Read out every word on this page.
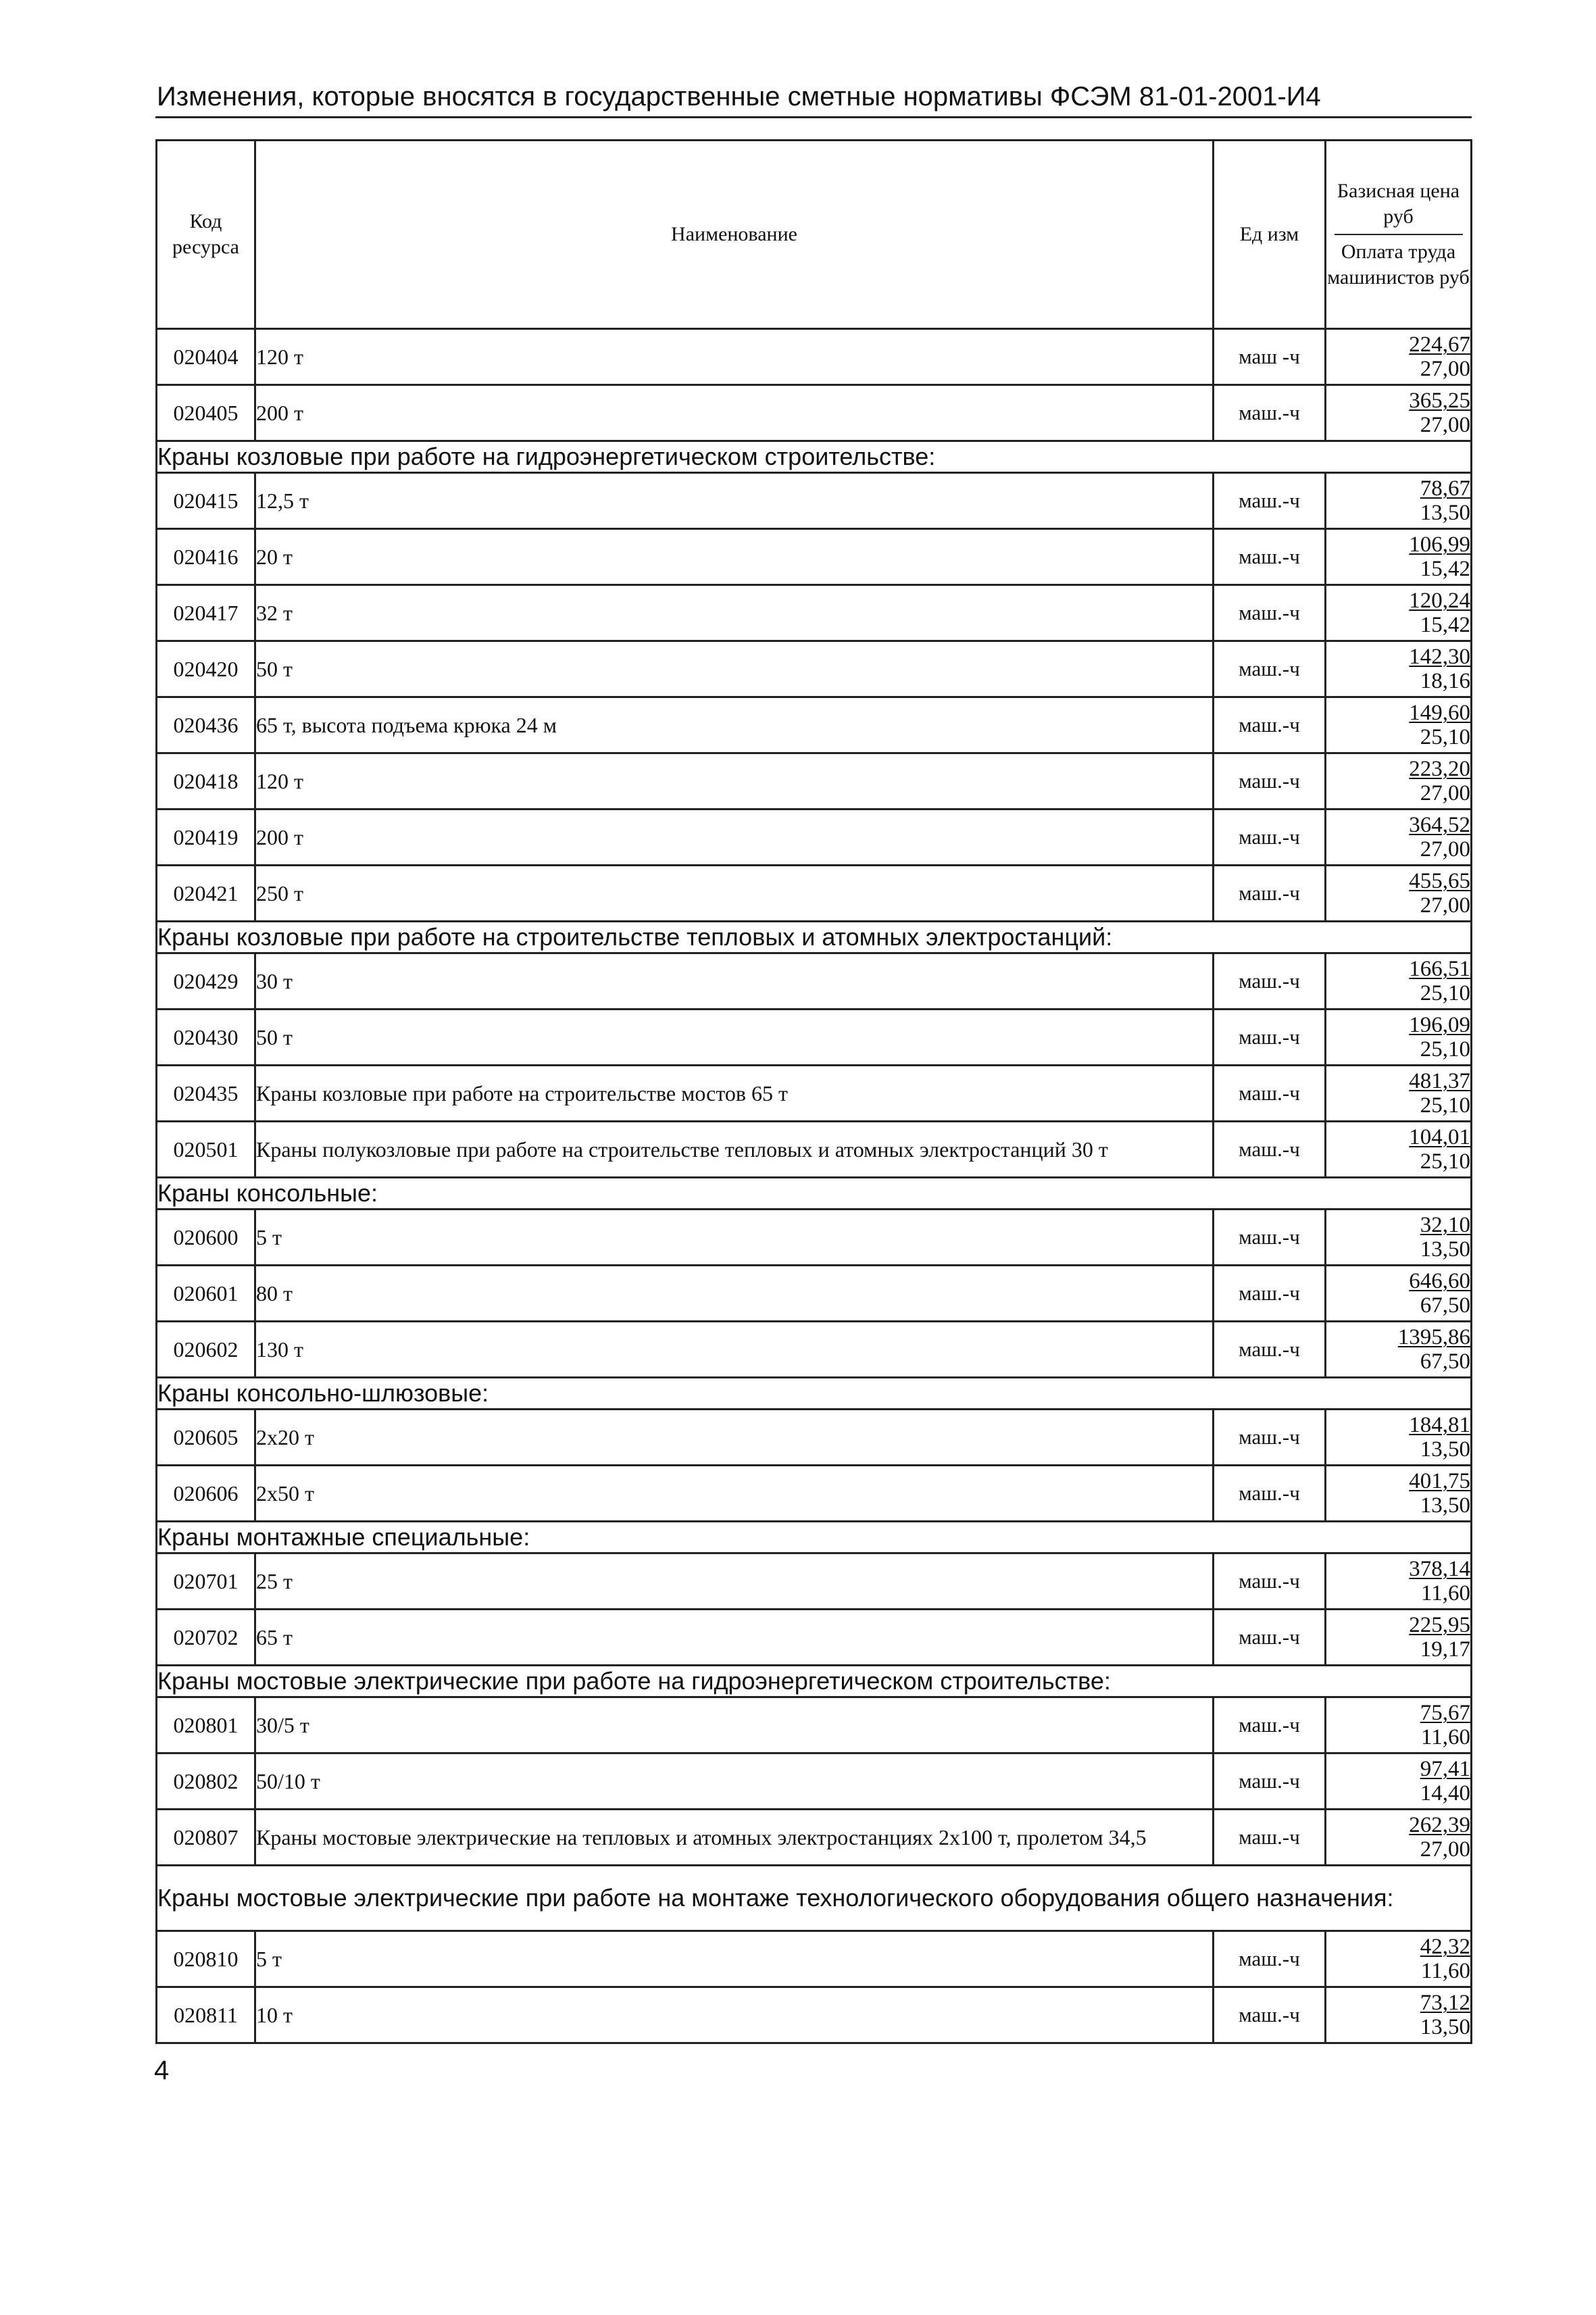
Изменения, которые вносятся в государственные сметные нормативы ФСЭМ 81-01-2001-И4
Код ресурса	Наименование	Ед изм	Базисная цена руб
Оплата труда машинистов руб

020404	120 т	маш -ч	224,67
27,00

020405	200 т	маш.-ч	365,25
27,00

Краны козловые при работе на гидроэнергетическом строительстве:			
020415	12,5 т	маш.-ч	78,67
13,50

020416	20 т	маш.-ч	106,99
15,42

020417	32 т	маш.-ч	120,24
15,42

020420	50 т	маш.-ч	142,30
18,16

020436	65 т, высота подъема крюка 24 м	маш.-ч	149,60
25,10

020418	120 т	маш.-ч	223,20
27,00

020419	200 т	маш.-ч	364,52
27,00

020421	250 т	маш.-ч	455,65
27,00

Краны козловые при работе на строительстве тепловых и атомных электростанций:			
020429	30 т	маш.-ч	166,51
25,10

020430	50 т	маш.-ч	196,09
25,10

020435	Краны козловые при работе на строительстве мостов 65 т	маш.-ч	481,37
25,10

020501	Краны полукозловые при работе на строительстве тепловых и атомных электростанций 30 т	маш.-ч	104,01
25,10

Краны консольные:			
020600	5 т	маш.-ч	32,10
13,50

020601	80 т	маш.-ч	646,60
67,50

020602	130 т	маш.-ч	1395,86
67,50

Краны консольно-шлюзовые:			
020605	2х20 т	маш.-ч	184,81
13,50

020606	2х50 т	маш.-ч	401,75
13,50

Краны монтажные специальные:			
020701	25 т	маш.-ч	378,14
11,60

020702	65 т	маш.-ч	225,95
19,17

Краны мостовые электрические при работе на гидроэнергетическом строительстве:			
020801	30/5 т	маш.-ч	75,67
11,60

020802	50/10 т	маш.-ч	97,41
14,40

020807	Краны мостовые электрические на тепловых и атомных электростанциях 2х100 т, пролетом 34,5	маш.-ч	262,39
27,00

Краны мостовые электрические при работе на монтаже технологического оборудования общего назначения:			
020810	5 т	маш.-ч	42,32
11,60

020811	10 т	маш.-ч	73,12
13,50
4
